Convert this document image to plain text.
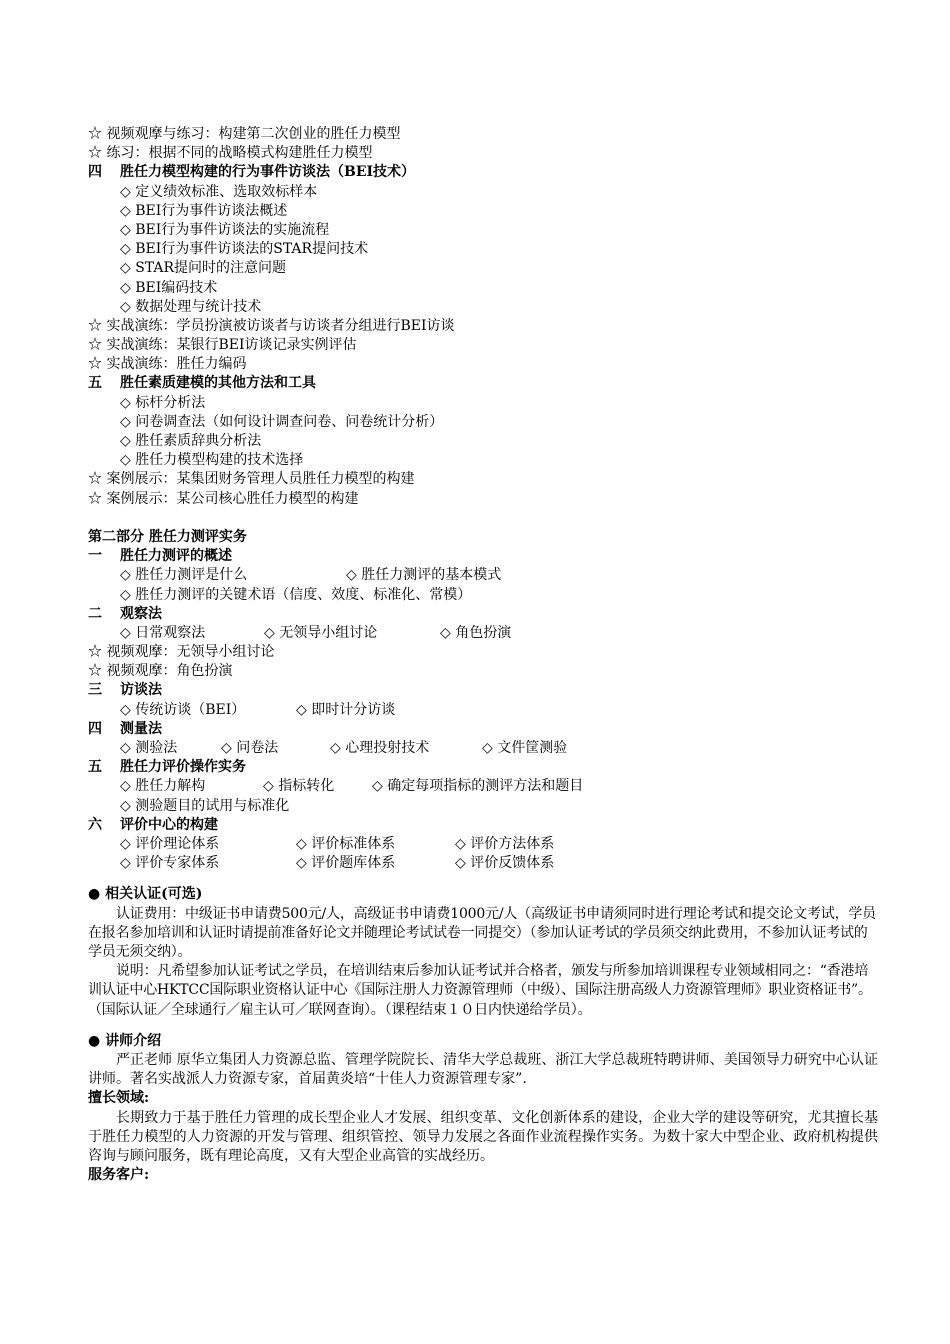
☆ 视频观摩与练习：构建第二次创业的胜任力模型
☆ 练习：根据不同的战略模式构建胜任力模型
四 胜任力模型构建的行为事件访谈法（BEI技术）
◇ 定义绩效标准、选取效标样本
◇ BEI行为事件访谈法概述
◇ BEI行为事件访谈法的实施流程
◇ BEI行为事件访谈法的STAR提问技术
◇ STAR提问时的注意问题
◇ BEI编码技术
◇ 数据处理与统计技术
☆ 实战演练：学员扮演被访谈者与访谈者分组进行BEI访谈
☆ 实战演练：某银行BEI访谈记录实例评估
☆ 实战演练：胜任力编码
五 胜任素质建模的其他方法和工具
◇ 标杆分析法
◇ 问卷调查法（如何设计调查问卷、问卷统计分析）
◇ 胜任素质辞典分析法
◇ 胜任力模型构建的技术选择
☆ 案例展示：某集团财务管理人员胜任力模型的构建
☆ 案例展示：某公司核心胜任力模型的构建
第二部分 胜任力测评实务
一 胜任力测评的概述
◇ 胜任力测评是什么	◇ 胜任力测评的基本模式
◇ 胜任力测评的关键术语（信度、效度、标准化、常模）
二 观察法
◇ 日常观察法	◇ 无领导小组讨论	◇ 角色扮演
☆ 视频观摩：无领导小组讨论
☆ 视频观摩：角色扮演
三 访谈法
◇ 传统访谈（BEI）	◇ 即时计分访谈
四 测量法
◇ 测验法	◇ 问卷法	◇ 心理投射技术	◇ 文件筐测验
五 胜任力评价操作实务
◇ 胜任力解构	◇ 指标转化	◇ 确定每项指标的测评方法和题目
◇ 测验题目的试用与标准化
六 评价中心的构建
◇ 评价理论体系	◇ 评价标准体系	◇ 评价方法体系
◇ 评价专家体系	◇ 评价题库体系	◇ 评价反馈体系
● 相关认证(可选)
认证费用：中级证书申请费500元/人，高级证书申请费1000元/人（高级证书申请须同时进行理论考试和提交论文考试，学员在报名参加培训和认证时请提前准备好论文并随理论考试试卷一同提交）（参加认证考试的学员须交纳此费用，不参加认证考试的学员无须交纳）。
说明：凡希望参加认证考试之学员，在培训结束后参加认证考试并合格者，颁发与所参加培训课程专业领域相同之：“香港培训认证中心HKTCC国际职业资格认证中心《国际注册人力资源管理师（中级）、国际注册高级人力资源管理师》职业资格证书”。（国际认证／全球通行／雇主认可／联网查询）。（课程结束１０日内快递给学员）。
● 讲师介绍
严正老师 原华立集团人力资源总监、管理学院院长、清华大学总裁班、浙江大学总裁班特聘讲师、美国领导力研究中心认证讲师。著名实战派人力资源专家，首届黄炎培“十佳人力资源管理专家”.
擅长领域:
长期致力于基于胜任力管理的成长型企业人才发展、组织变革、文化创新体系的建设，企业大学的建设等研究，尤其擅长基于胜任力模型的人力资源的开发与管理、组织管控、领导力发展之各面作业流程操作实务。为数十家大中型企业、政府机构提供咨询与顾问服务，既有理论高度，又有大型企业高管的实战经历。
服务客户:
